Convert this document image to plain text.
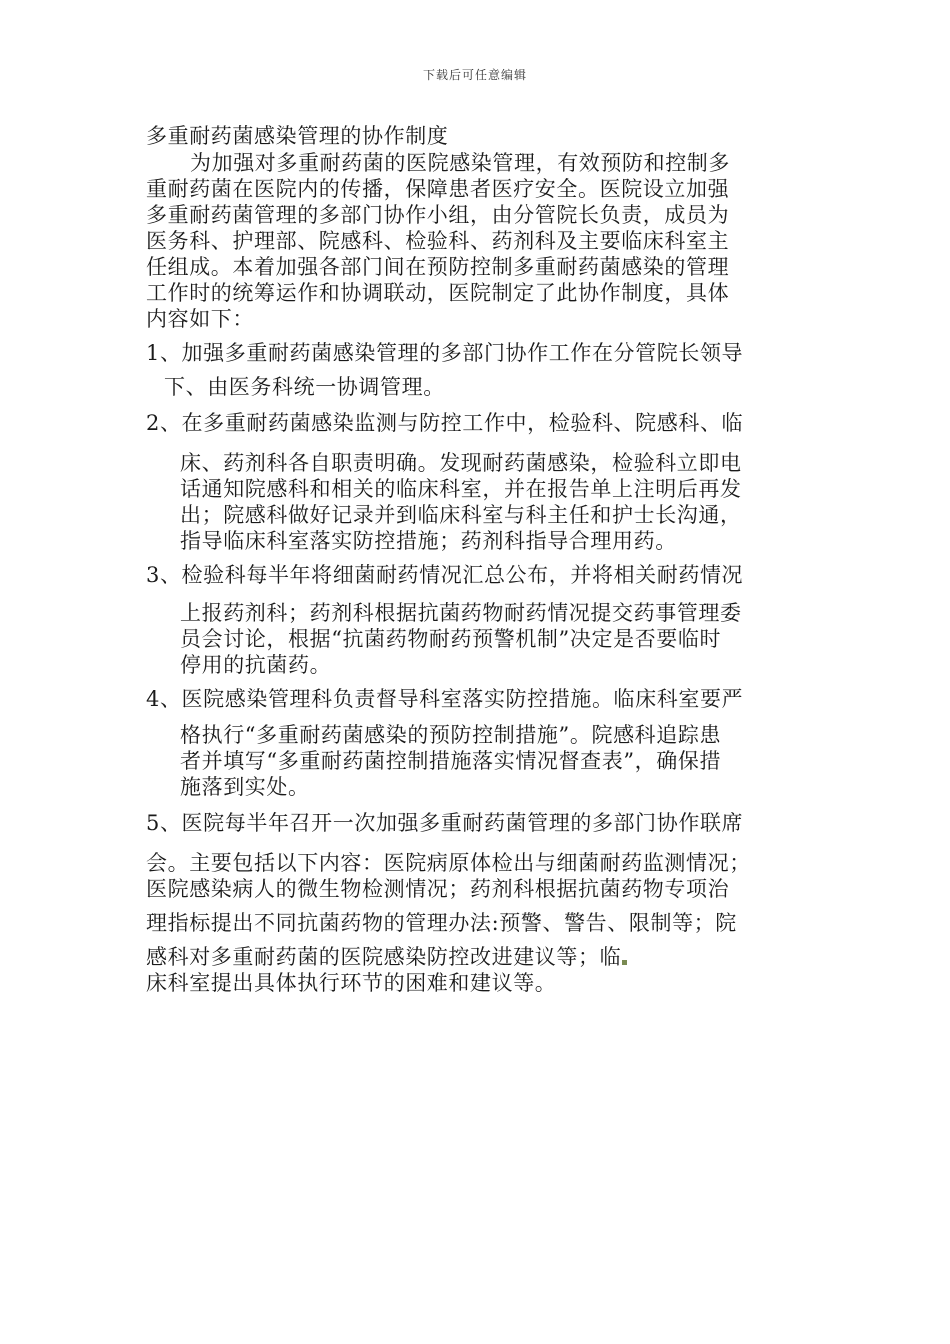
下载后可任意编辑
多重耐药菌感染管理的协作制度
为加强对多重耐药菌的医院感染管理，有效预防和控制多
重耐药菌在医院内的传播，保障患者医疗安全。医院设立加强
多重耐药菌管理的多部门协作小组，由分管院长负责，成员为
医务科、护理部、院感科、检验科、药剂科及主要临床科室主
任组成。本着加强各部门间在预防控制多重耐药菌感染的管理
工作时的统筹运作和协调联动，医院制定了此协作制度，具体
内容如下：
1、加强多重耐药菌感染管理的多部门协作工作在分管院长领导
下、由医务科统一协调管理。
2、在多重耐药菌感染监测与防控工作中，检验科、院感科、临
床、药剂科各自职责明确。发现耐药菌感染，检验科立即电
话通知院感科和相关的临床科室，并在报告单上注明后再发
出；院感科做好记录并到临床科室与科主任和护士长沟通，
指导临床科室落实防控措施；药剂科指导合理用药。
3、检验科每半年将细菌耐药情况汇总公布，并将相关耐药情况
上报药剂科；药剂科根据抗菌药物耐药情况提交药事管理委
员会讨论，根据“抗菌药物耐药预警机制”决定是否要临时
停用的抗菌药。
4、医院感染管理科负责督导科室落实防控措施。临床科室要严
格执行“多重耐药菌感染的预防控制措施”。院感科追踪患
者并填写“多重耐药菌控制措施落实情况督查表”，确保措
施落到实处。
5、医院每半年召开一次加强多重耐药菌管理的多部门协作联席
会。主要包括以下内容：医院病原体检出与细菌耐药监测情况；
医院感染病人的微生物检测情况；药剂科根据抗菌药物专项治
理指标提出不同抗菌药物的管理办法:预警、警告、限制等；院
感科对多重耐药菌的医院感染防控改进建议等；临
床科室提出具体执行环节的困难和建议等。
